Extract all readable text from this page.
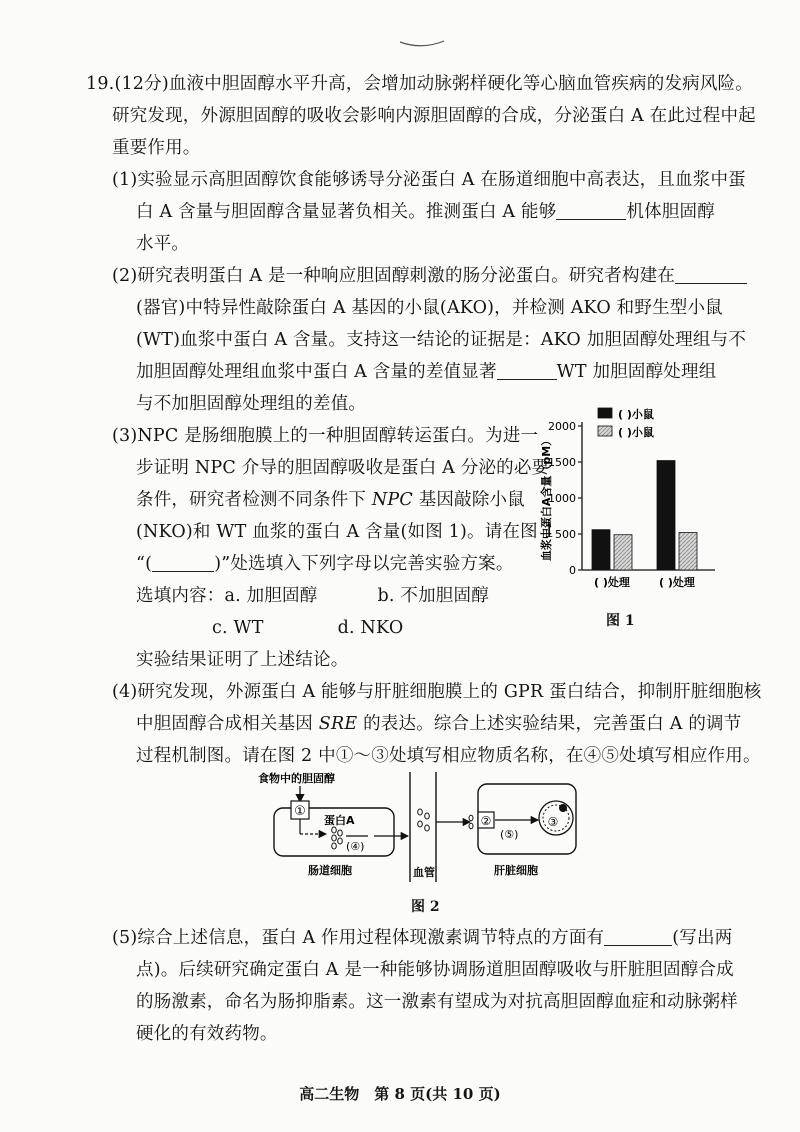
19.(12分)血液中胆固醇水平升高，会增加动脉粥样硬化等心脑血管疾病的发病风险。
研究发现，外源胆固醇的吸收会影响内源胆固醇的合成，分泌蛋白 A 在此过程中起
重要作用。
(1)实验显示高胆固醇饮食能够诱导分泌蛋白 A 在肠道细胞中高表达，且血浆中蛋
白 A 含量与胆固醇含量显著负相关。推测蛋白 A 能够	机体胆固醇
水平。
(2)研究表明蛋白 A 是一种响应胆固醇刺激的肠分泌蛋白。研究者构建在
(器官)中特异性敲除蛋白 A 基因的小鼠(AKO)，并检测 AKO 和野生型小鼠
(WT)血浆中蛋白 A 含量。支持这一结论的证据是：AKO 加胆固醇处理组与不
加胆固醇处理组血浆中蛋白 A 含量的差值显著	WT 加胆固醇处理组
与不加胆固醇处理组的差值。
(3)NPC 是肠细胞膜上的一种胆固醇转运蛋白。为进一
步证明 NPC 介导的胆固醇吸收是蛋白 A 分泌的必要
条件，研究者检测不同条件下 NPC 基因敲除小鼠
(NKO)和 WT 血浆的蛋白 A 含量(如图 1)。请在图 1
“(	)”处选填入下列字母以完善实验方案。
选填内容：a. 加胆固醇	b. 不加胆固醇
c. WT	d. NKO
实验结果证明了上述结论。
0
500
1000
1500
2000
血浆中蛋白A含量（pM）
( )处理	( )处理
( )小鼠
( )小鼠
图 1
(4)研究发现，外源蛋白 A 能够与肝脏细胞膜上的 GPR 蛋白结合，抑制肝脏细胞核
中胆固醇合成相关基因 SRE 的表达。综合上述实验结果，完善蛋白 A 的调节
过程机制图。请在图 2 中①～③处填写相应物质名称，在④⑤处填写相应作用。
食物中的胆固醇
①
蛋白A
(④)
肠道细胞	血管
②
(⑤)
③
肝脏细胞
图 2
(5)综合上述信息，蛋白 A 作用过程体现激素调节特点的方面有	(写出两
点)。后续研究确定蛋白 A 是一种能够协调肠道胆固醇吸收与肝脏胆固醇合成
的肠激素，命名为肠抑脂素。这一激素有望成为对抗高胆固醇血症和动脉粥样
硬化的有效药物。
高二生物　第 8 页(共 10 页)
